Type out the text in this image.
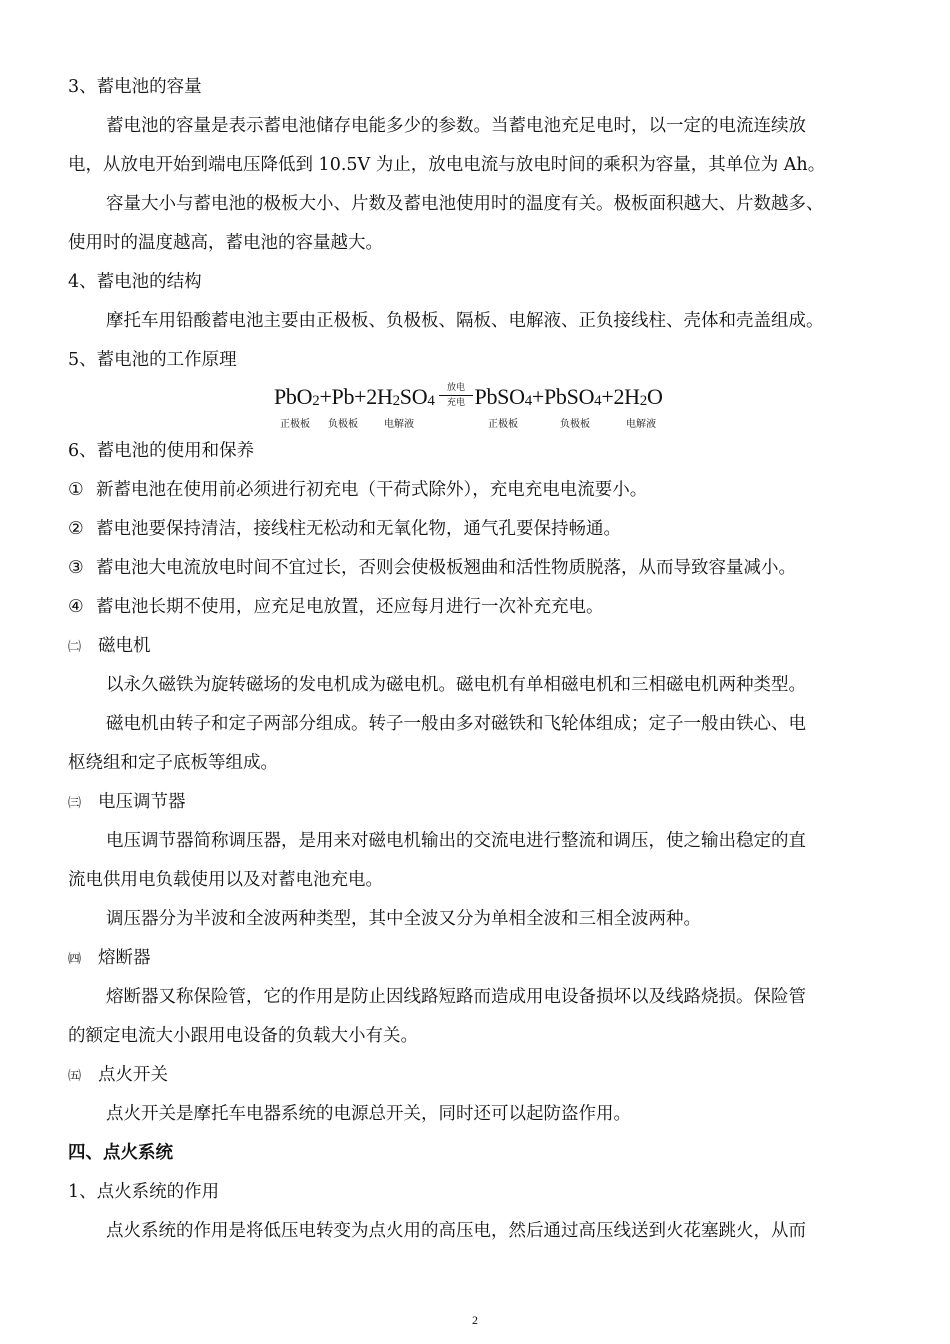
3、蓄电池的容量
蓄电池的容量是表示蓄电池储存电能多少的参数。当蓄电池充足电时，以一定的电流连续放
电，从放电开始到端电压降低到 10.5V 为止，放电电流与放电时间的乘积为容量，其单位为 Ah。
容量大小与蓄电池的极板大小、片数及蓄电池使用时的温度有关。极板面积越大、片数越多、
使用时的温度越高，蓄电池的容量越大。
4、蓄电池的结构
摩托车用铅酸蓄电池主要由正极板、负极板、隔板、电解液、正负接线柱、壳体和壳盖组成。
5、蓄电池的工作原理
$PbO_2+Pb+2H_2SO_4$ $PbSO_4+PbSO_4+2H_2O$
放电
充电
正极板 负极板	电解液	正极板	负极板	电解液
6、蓄电池的使用和保养
① 新蓄电池在使用前必须进行初充电（干荷式除外），充电充电电流要小。
② 蓄电池要保持清洁，接线柱无松动和无氧化物，通气孔要保持畅通。
③ 蓄电池大电流放电时间不宜过长，否则会使极板翘曲和活性物质脱落，从而导致容量减小。
④ 蓄电池长期不使用，应充足电放置，还应每月进行一次补充充电。
㈡ 磁电机
以永久磁铁为旋转磁场的发电机成为磁电机。磁电机有单相磁电机和三相磁电机两种类型。
磁电机由转子和定子两部分组成。转子一般由多对磁铁和飞轮体组成；定子一般由铁心、电
枢绕组和定子底板等组成。
㈢ 电压调节器
电压调节器简称调压器，是用来对磁电机输出的交流电进行整流和调压，使之输出稳定的直
流电供用电负载使用以及对蓄电池充电。
调压器分为半波和全波两种类型，其中全波又分为单相全波和三相全波两种。
㈣ 熔断器
熔断器又称保险管，它的作用是防止因线路短路而造成用电设备损坏以及线路烧损。保险管
的额定电流大小跟用电设备的负载大小有关。
㈤ 点火开关
点火开关是摩托车电器系统的电源总开关，同时还可以起防盗作用。
四、点火系统
1、点火系统的作用
点火系统的作用是将低压电转变为点火用的高压电，然后通过高压线送到火花塞跳火，从而
2
